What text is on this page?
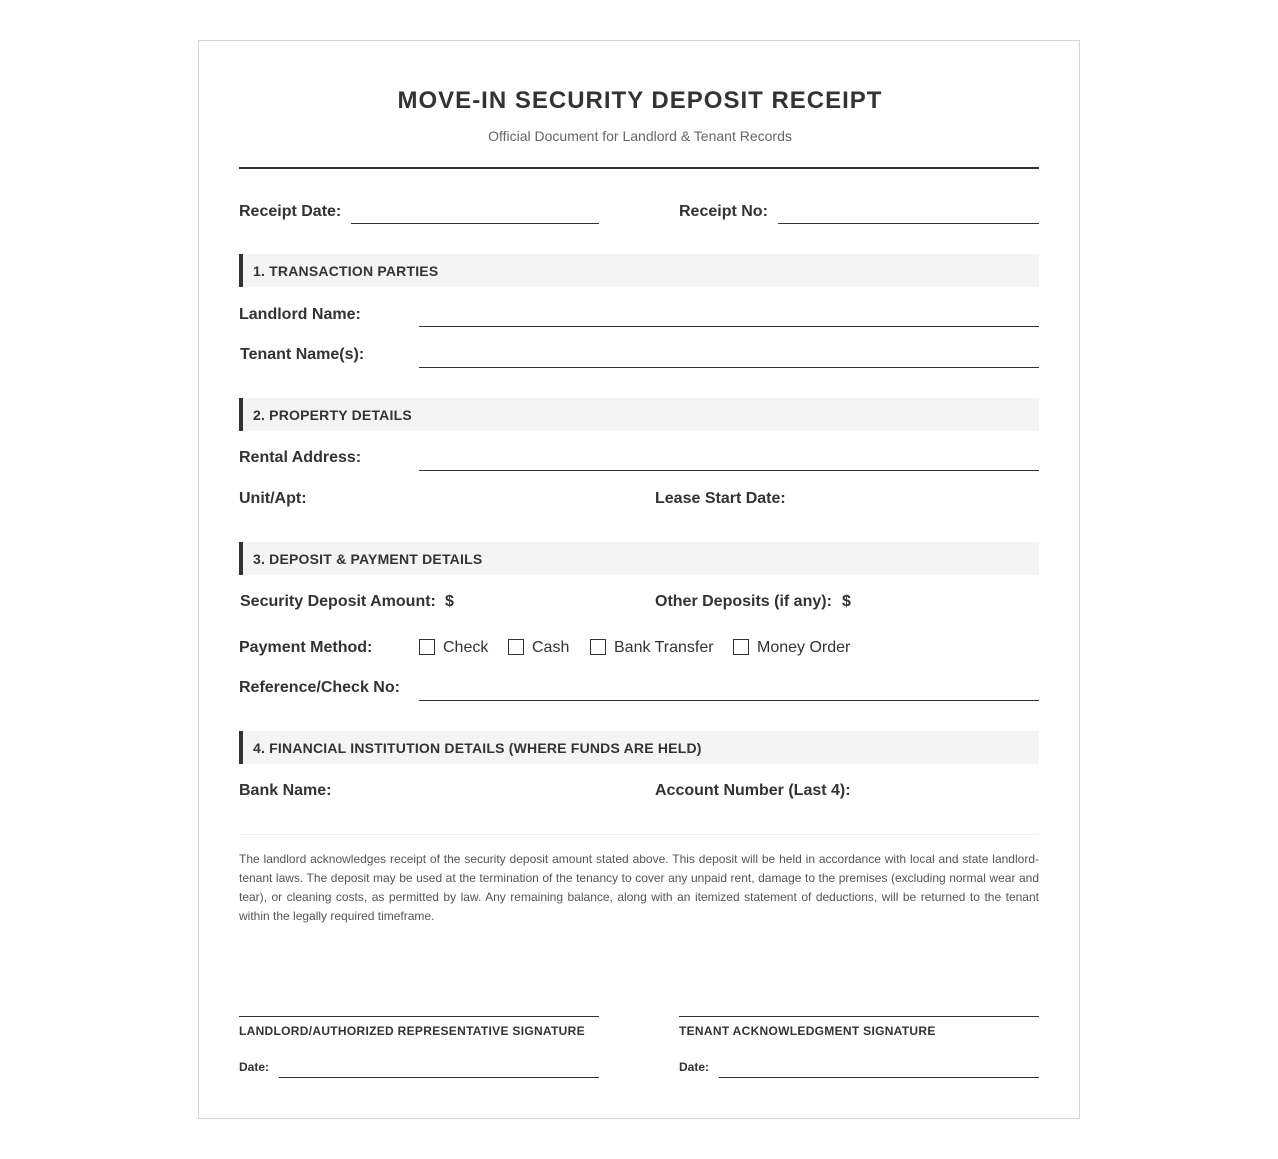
MOVE-IN SECURITY DEPOSIT RECEIPT
Official Document for Landlord & Tenant Records
Receipt Date:	Receipt No:
1. TRANSACTION PARTIES
Landlord Name:
Tenant Name(s):
2. PROPERTY DETAILS
Rental Address:
Unit/Apt:	Lease Start Date:
3. DEPOSIT & PAYMENT DETAILS
Security Deposit Amount: $	Other Deposits (if any): $
Payment Method:	Check	Cash	Bank Transfer	Money Order
Reference/Check No:
4. FINANCIAL INSTITUTION DETAILS (WHERE FUNDS ARE HELD)
Bank Name:	Account Number (Last 4):
The landlord acknowledges receipt of the security deposit amount stated above. This deposit will be held in accordance with local and state landlord-tenant laws. The deposit may be used at the termination of the tenancy to cover any unpaid rent, damage to the premises (excluding normal wear and tear), or cleaning costs, as permitted by law. Any remaining balance, along with an itemized statement of deductions, will be returned to the tenant within the legally required timeframe.
LANDLORD/AUTHORIZED REPRESENTATIVE SIGNATURE
Date:
TENANT ACKNOWLEDGMENT SIGNATURE
Date:
